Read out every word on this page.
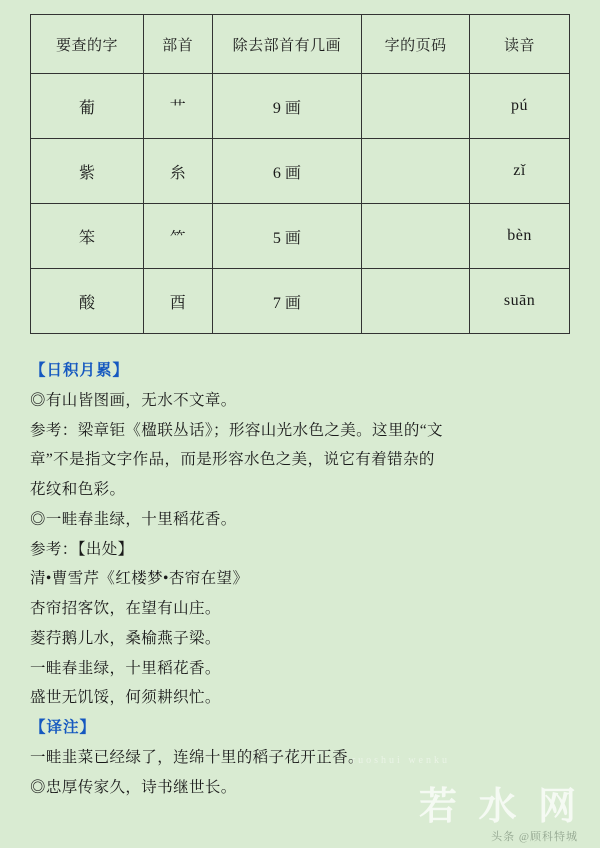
要查的字	部首	除去部首有几画	字的页码	读音
葡	艹	9 画		pú
紫	糸	6 画		zǐ
笨	⺮	5 画		bèn
酸	酉	7 画		suān

【日积月累】

◎有山皆图画，无水不文章。

参考：梁章钜《楹联丛话》；形容山光水色之美。这里的“文

章”不是指文字作品，而是形容水色之美，说它有着错杂的

花纹和色彩。

◎一畦春韭绿，十里稻花香。

参考：【出处】

清•曹雪芹《红楼梦•杏帘在望》

杏帘招客饮，在望有山庄。

菱荇鹅儿水，桑榆燕子梁。

一畦春韭绿，十里稻花香。

盛世无饥馁，何须耕织忙。

【译注】

一畦韭菜已经绿了，连绵十里的稻子花开正香。

◎忠厚传家久，诗书继世长。

ruoshui wenku
若 水 网
头条 @顾科特城
